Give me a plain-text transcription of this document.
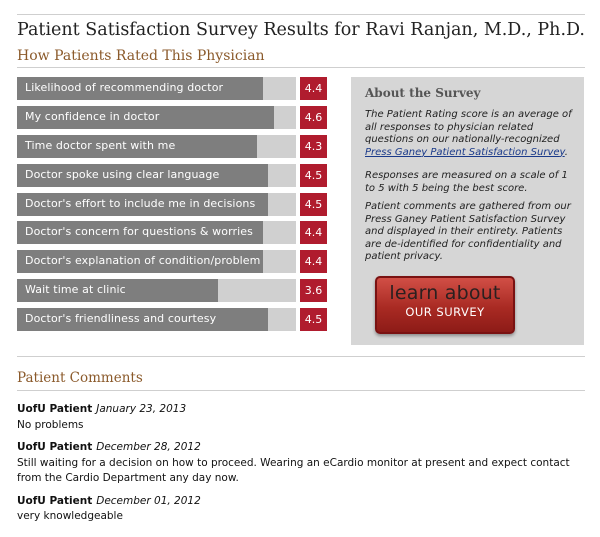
Patient Satisfaction Survey Results for Ravi Ranjan, M.D., Ph.D.
How Patients Rated This Physician
Likelihood of recommending doctor	4.4
My confidence in doctor	4.6
Time doctor spent with me	4.3
Doctor spoke using clear language	4.5
Doctor's effort to include me in decisions	4.5
Doctor's concern for questions & worries	4.4
Doctor's explanation of condition/problem	4.4
Wait time at clinic	3.6
Doctor's friendliness and courtesy	4.5
About the Survey

The Patient Rating score is an average of all responses to physician related questions on our nationally-recognized Press Ganey Patient Satisfaction Survey.

Responses are measured on a scale of 1 to 5 with 5 being the best score.

Patient comments are gathered from our Press Ganey Patient Satisfaction Survey and displayed in their entirety. Patients are de-identified for confidentiality and patient privacy.

learn about
OUR SURVEY
Patient Comments
UofU Patient January 23, 2013
No problems
UofU Patient December 28, 2012
Still waiting for a decision on how to proceed. Wearing an eCardio monitor at present and expect contact from the Cardio Department any day now.
UofU Patient December 01, 2012
very knowledgeable
